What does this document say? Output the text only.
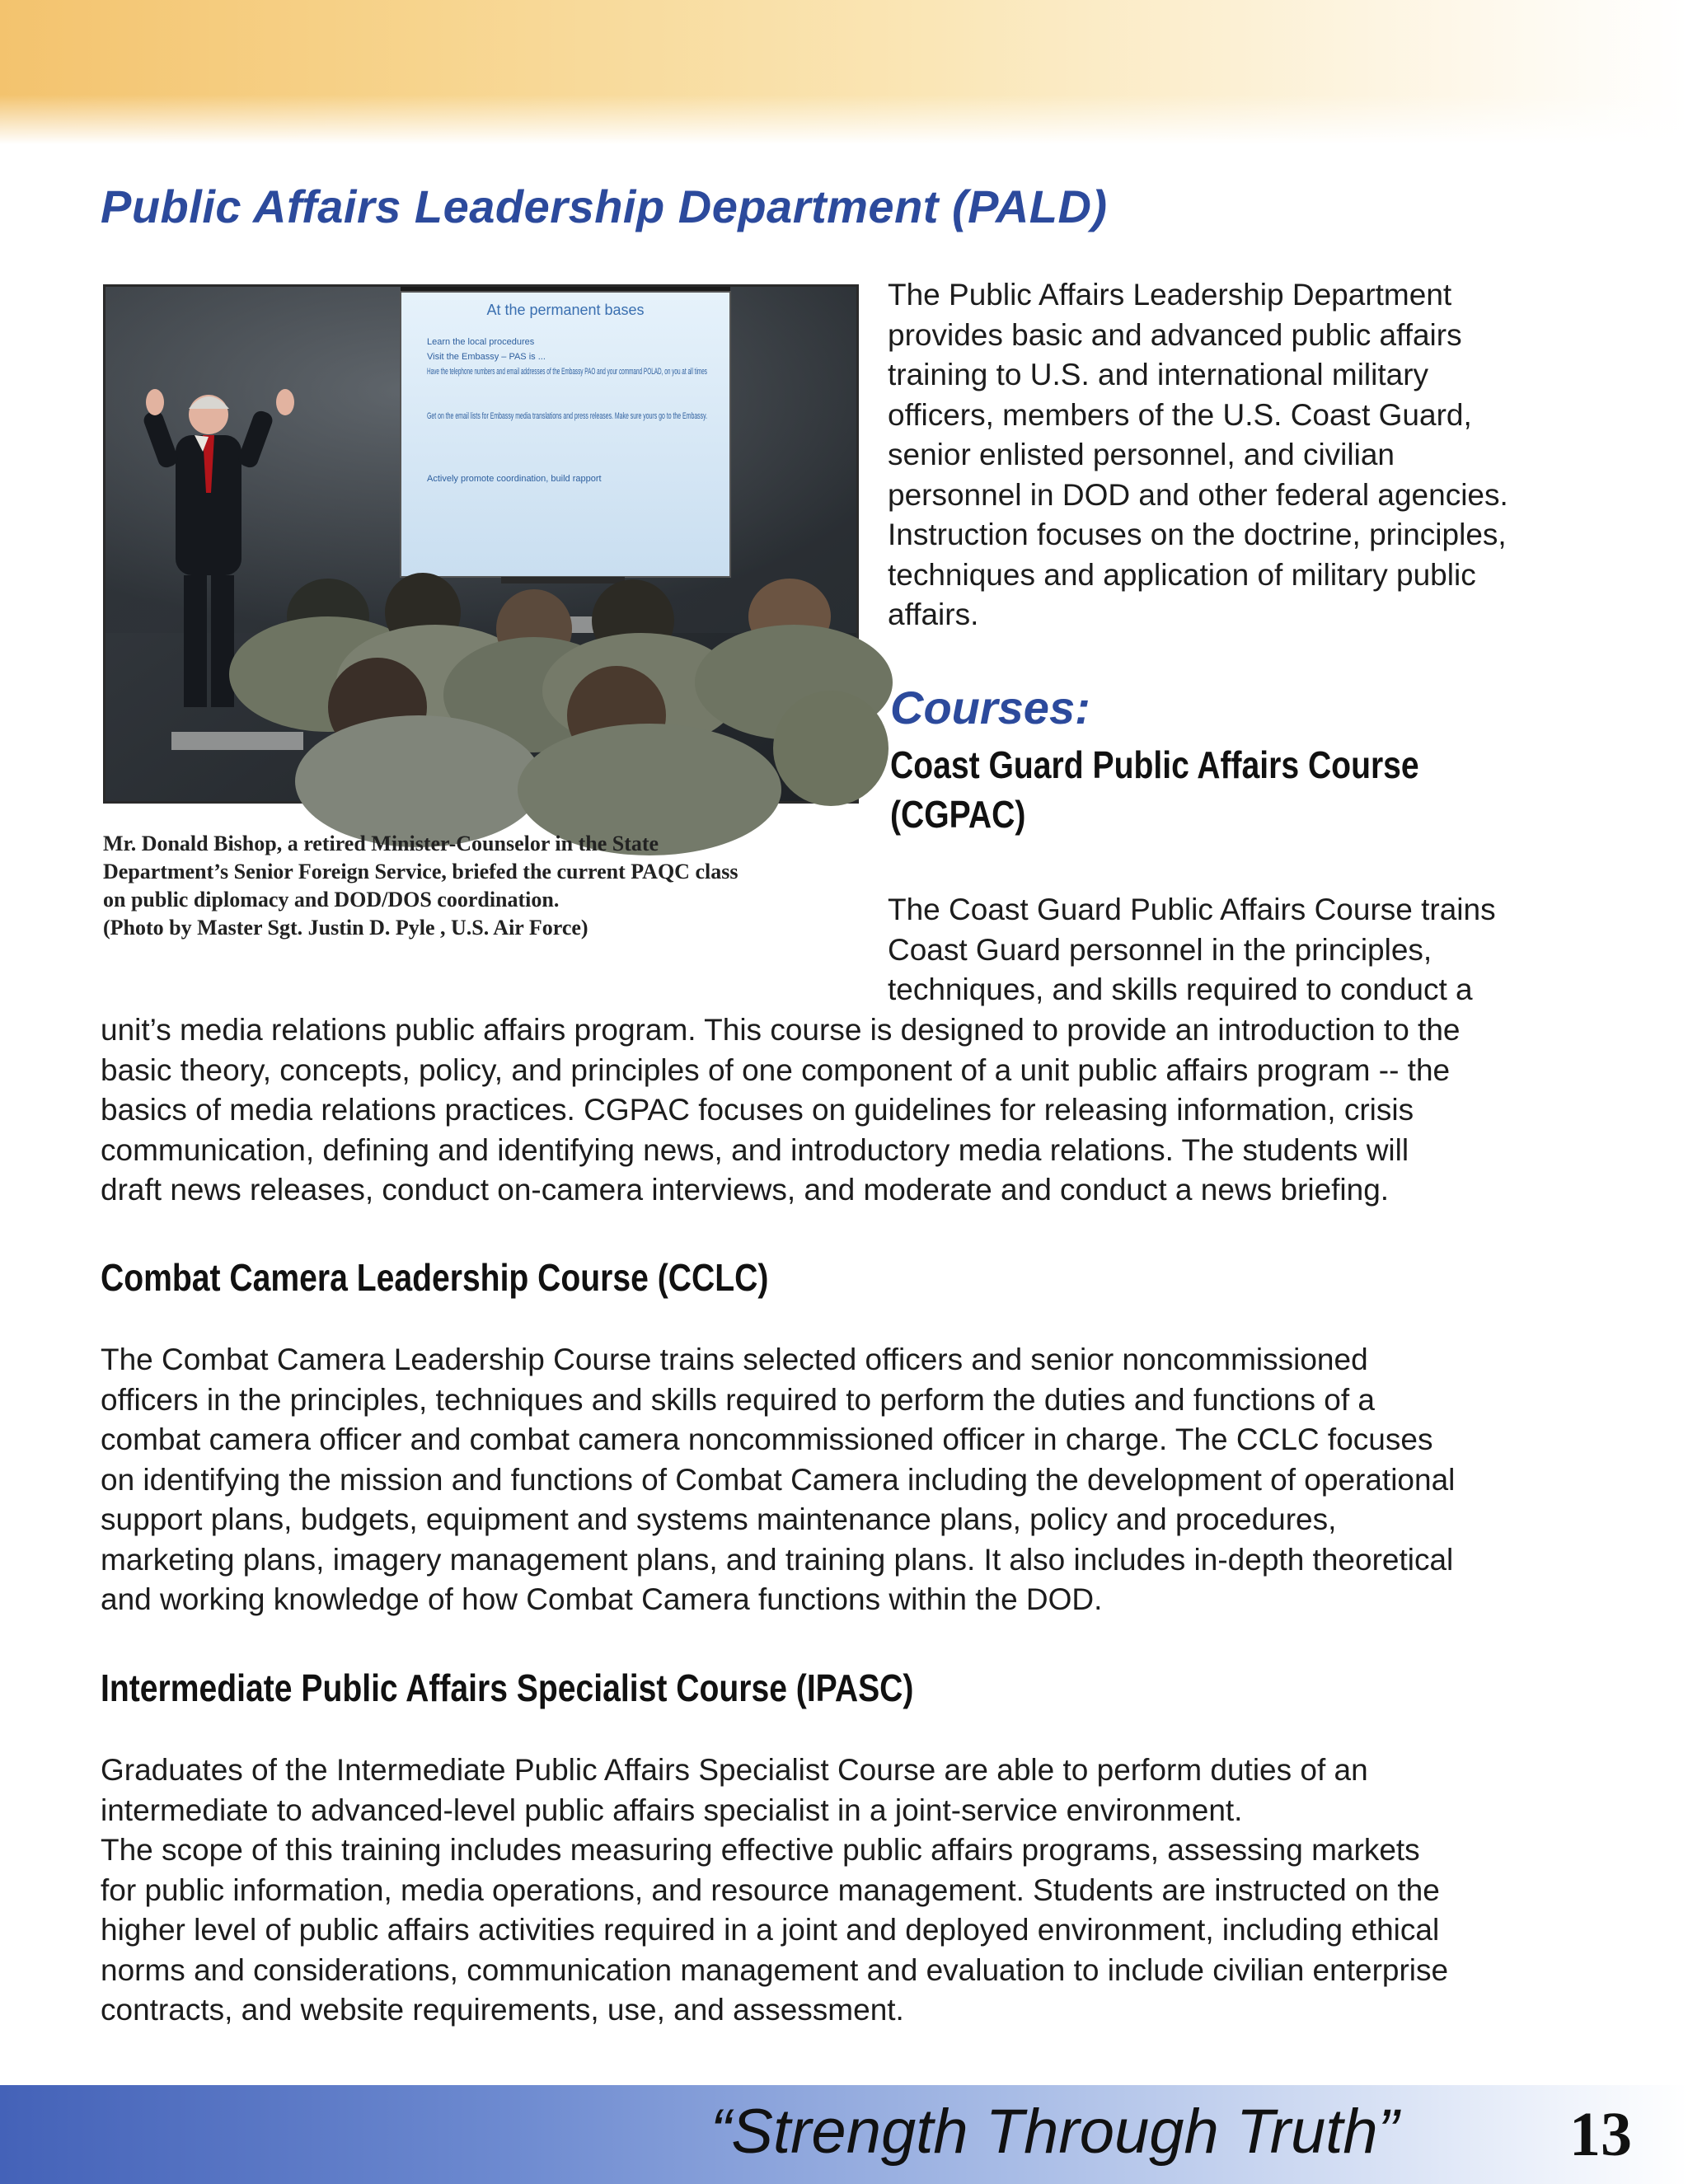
Public Affairs Leadership Department (PALD)
At the permanent bases
Learn the local procedures
Visit the Embassy – PAS is ...
Have the telephone numbers and email addresses of the Embassy PAO and your command POLAD, on you at all times
Get on the email lists for Embassy media translations and press releases. Make sure yours go to the Embassy.
Actively promote coordination, build rapport
Mr. Donald Bishop, a retired Minister-Counselor in the State
Department’s Senior Foreign Service, briefed the current PAQC class
on public diplomacy and DOD/DOS coordination.
(Photo by Master Sgt. Justin D. Pyle , U.S. Air Force)
The Public Affairs Leadership Department
provides basic and advanced public affairs
training to U.S. and international military
officers, members of the U.S. Coast Guard,
senior enlisted personnel, and civilian
personnel in DOD and other federal agencies.
Instruction focuses on the doctrine, principles,
techniques and application of military public
affairs.
Courses:
Coast Guard Public Affairs Course
(CGPAC)
The Coast Guard Public Affairs Course trains
Coast Guard personnel in the principles,
techniques, and skills required to conduct a
unit’s media relations public affairs program. This course is designed to provide an introduction to the
basic theory, concepts, policy, and principles of one component of a unit public affairs program -- the
basics of media relations practices. CGPAC focuses on guidelines for releasing information, crisis
communication, defining and identifying news, and introductory media relations. The students will
draft news releases, conduct on-camera interviews, and moderate and conduct a news briefing.
Combat Camera Leadership Course (CCLC)
The Combat Camera Leadership Course trains selected officers and senior noncommissioned
officers in the principles, techniques and skills required to perform the duties and functions of a
combat camera officer and combat camera noncommissioned officer in charge. The CCLC focuses
on identifying the mission and functions of Combat Camera including the development of operational
support plans, budgets, equipment and systems maintenance plans, policy and procedures,
marketing plans, imagery management plans, and training plans. It also includes in-depth theoretical
and working knowledge of how Combat Camera functions within the DOD.
Intermediate Public Affairs Specialist Course (IPASC)
Graduates of the Intermediate Public Affairs Specialist Course are able to perform duties of an
intermediate to advanced-level public affairs specialist in a joint-service environment.
The scope of this training includes measuring effective public affairs programs, assessing markets
for public information, media operations, and resource management. Students are instructed on the
higher level of public affairs activities required in a joint and deployed environment, including ethical
norms and considerations, communication management and evaluation to include civilian enterprise
contracts, and website requirements, use, and assessment.
“Strength Through Truth”	13
